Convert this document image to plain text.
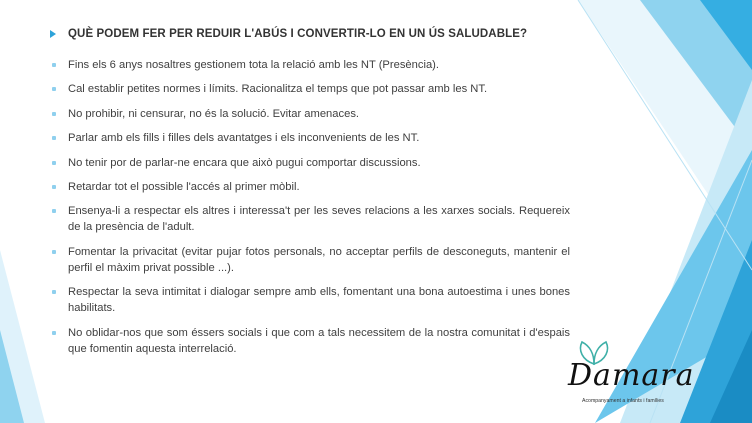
QUÈ PODEM FER PER REDUIR L'ABÚS I CONVERTIR-LO EN UN ÚS SALUDABLE?
Fins els 6 anys nosaltres gestionem tota la relació amb les NT (Presència).
Cal establir petites normes i límits. Racionalitza el temps que pot passar amb les NT.
No prohibir, ni censurar, no és la solució. Evitar amenaces.
Parlar amb els fills i filles dels avantatges i els inconvenients de les NT.
No tenir por de parlar-ne encara que això pugui comportar discussions.
Retardar tot el possible l'accés al primer mòbil.
Ensenya-li a respectar els altres i interessa't per les seves relacions a les xarxes socials. Requereix de la presència de l'adult.
Fomentar la privacitat (evitar pujar fotos personals, no acceptar perfils de desconeguts, mantenir el perfil el màxim privat possible ...).
Respectar la seva intimitat i dialogar sempre amb ells, fomentant una bona autoestima i unes bones habilitats.
No oblidar-nos que som éssers socials i que com a tals necessitem de la nostra comunitat i d'espais que fomentin aquesta interrelació.
Damara
Acompanyament a infants i famílies
